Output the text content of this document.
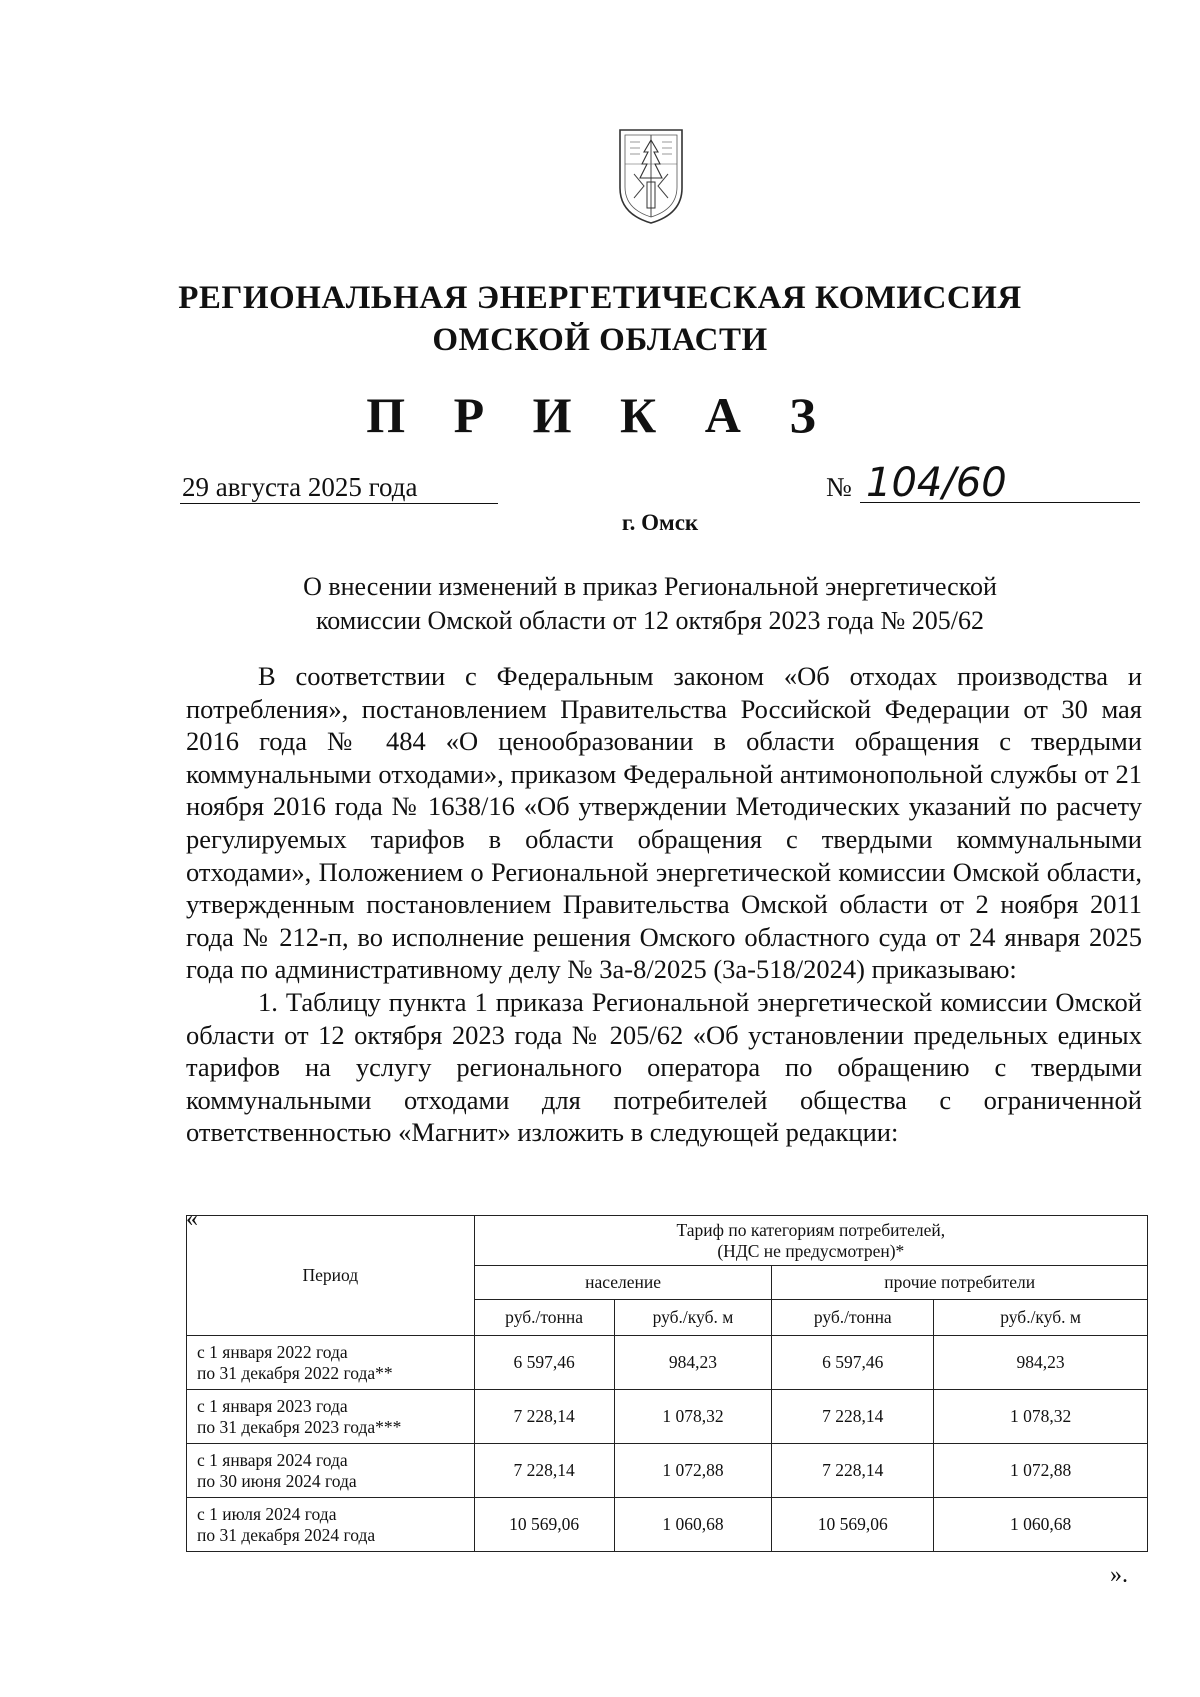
РЕГИОНАЛЬНАЯ ЭНЕРГЕТИЧЕСКАЯ КОМИССИЯ
ОМСКОЙ ОБЛАСТИ
П Р И К А З
29 августа 2025 года	№ 104/60
г. Омск
О внесении изменений в приказ Региональной энергетической
комиссии Омской области от 12 октября 2023 года № 205/62

В соответствии с Федеральным законом «Об отходах производства и потребления», постановлением Правительства Российской Федерации от 30 мая 2016 года № 484 «О ценообразовании в области обращения с твердыми коммунальными отходами», приказом Федеральной антимонопольной службы от 21 ноября 2016 года № 1638/16 «Об утверждении Методических указаний по расчету регулируемых тарифов в области обращения с твердыми коммунальными отходами», Положением о Региональной энергетической комиссии Омской области, утвержденным постановлением Правительства Омской области от 2 ноября 2011 года № 212-п, во исполнение решения Омского областного суда от 24 января 2025 года по административному делу № 3а-8/2025 (3а-518/2024) приказываю:

1. Таблицу пункта 1 приказа Региональной энергетической комиссии Омской области от 12 октября 2023 года № 205/62 «Об установлении предельных единых тарифов на услугу регионального оператора по обращению с твердыми коммунальными отходами для потребителей общества с ограниченной ответственностью «Магнит» изложить в следующей редакции:

«
Период	Тариф по категориям потребителей,
(НДС не предусмотрен)*			

	население		прочие потребители	
	руб./тонна	руб./куб. м	руб./тонна	руб./куб. м

с 1 января 2022 года
по 31 декабря 2022 года**	6 597,46	984,23	6 597,46	984,23

с 1 января 2023 года
по 31 декабря 2023 года***	7 228,14	1 078,32	7 228,14	1 078,32

с 1 января 2024 года
по 30 июня 2024 года	7 228,14	1 072,88	7 228,14	1 072,88

с 1 июля 2024 года
по 31 декабря 2024 года	10 569,06	1 060,68	10 569,06	1 060,68
».
